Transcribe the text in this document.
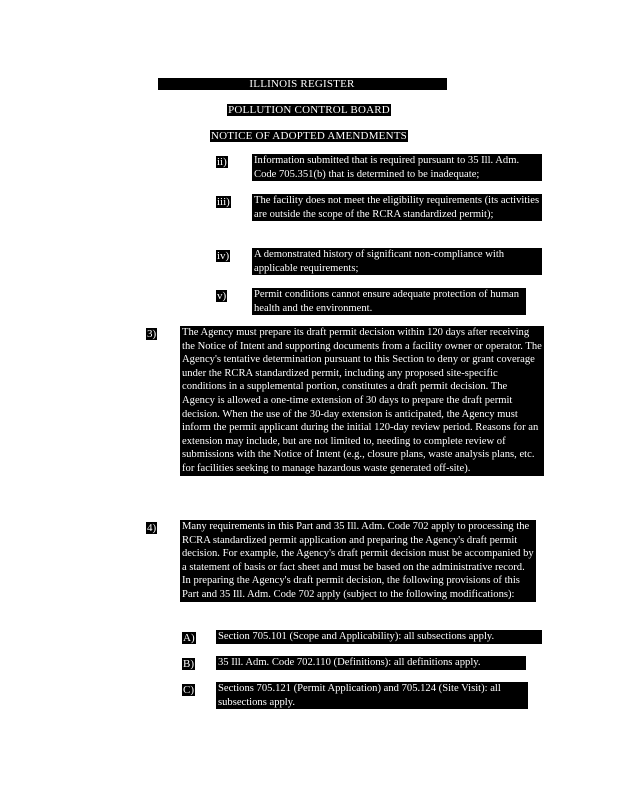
ILLINOIS REGISTER
POLLUTION CONTROL BOARD
NOTICE OF ADOPTED AMENDMENTS
ii)	Information submitted that is required pursuant to 35 Ill. Adm. Code 705.351(b) that is determined to be inadequate;
iii) The facility does not meet the eligibility requirements (its activities are outside the scope of the RCRA standardized permit);
iv) A demonstrated history of significant non-compliance with applicable requirements;
v)	Permit conditions cannot ensure adequate protection of human health and the environment.
3) The Agency must prepare its draft permit decision within 120 days after receiving the Notice of Intent and supporting documents from a facility owner or operator. The Agency's tentative determination pursuant to this Section to deny or grant coverage under the RCRA standardized permit, including any proposed site-specific conditions in a supplemental portion, constitutes a draft permit decision. The Agency is allowed a one-time extension of 30 days to prepare the draft permit decision. When the use of the 30-day extension is anticipated, the Agency must inform the permit applicant during the initial 120-day review period. Reasons for an extension may include, but are not limited to, needing to complete review of submissions with the Notice of Intent (e.g., closure plans, waste analysis plans, etc. for facilities seeking to manage hazardous waste generated off-site).
4) Many requirements in this Part and 35 Ill. Adm. Code 702 apply to processing the RCRA standardized permit application and preparing the Agency's draft permit decision. For example, the Agency's draft permit decision must be accompanied by a statement of basis or fact sheet and must be based on the administrative record. In preparing the Agency's draft permit decision, the following provisions of this Part and 35 Ill. Adm. Code 702 apply (subject to the following modifications):
A) Section 705.101 (Scope and Applicability): all subsections apply.
B) 35 Ill. Adm. Code 702.110 (Definitions): all definitions apply.
C) Sections 705.121 (Permit Application) and 705.124 (Site Visit): all subsections apply.
